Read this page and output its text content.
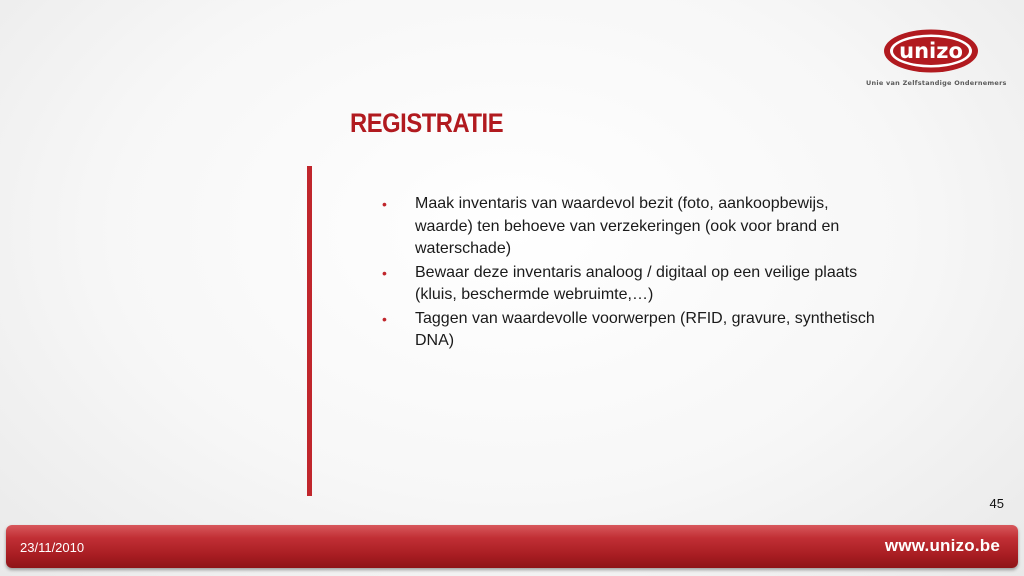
unizo
Unie van Zelfstandige Ondernemers
REGISTRATIE
• Maak inventaris van waardevol bezit (foto, aankoopbewijs, waarde) ten behoeve van verzekeringen (ook voor brand en waterschade)
• Bewaar deze inventaris analoog / digitaal op een veilige plaats (kluis, beschermde webruimte,…)
• Taggen van waardevolle voorwerpen (RFID, gravure, synthetisch DNA)
45
23/11/2010	www.unizo.be
